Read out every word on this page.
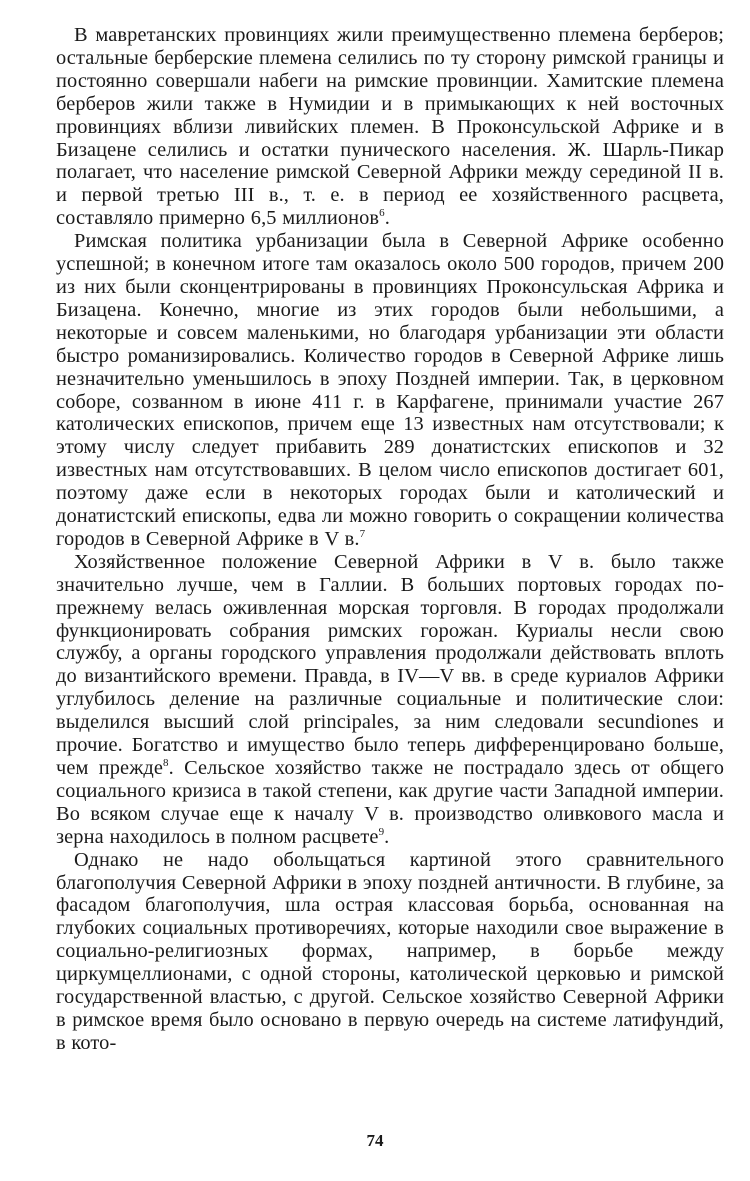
В мавретанских провинциях жили преимущественно племена берберов; остальные берберские племена селились по ту сторону римской границы и постоянно совершали набеги на римские провинции. Хамитские племена берберов жили также в Нумидии и в примыкающих к ней восточных провинциях вблизи ливийских племен. В Проконсульской Африке и в Бизацене селились и остатки пунического населения. Ж. Шарль-Пикар полагает, что население римской Северной Африки между серединой II в. и первой третью III в., т. е. в период ее хозяйственного расцвета, составляло примерно 6,5 миллионов$^6$.

Римская политика урбанизации была в Северной Африке особенно успешной; в конечном итоге там оказалось около 500 городов, причем 200 из них были сконцентрированы в провинциях Проконсульская Африка и Бизацена. Конечно, многие из этих городов были небольшими, а некоторые и совсем маленькими, но благодаря урбанизации эти области быстро романизировались. Количество городов в Северной Африке лишь незначительно уменьшилось в эпоху Поздней империи. Так, в церковном соборе, созванном в июне 411 г. в Карфагене, принимали участие 267 католических епископов, причем еще 13 известных нам отсутствовали; к этому числу следует прибавить 289 донатистских епископов и 32 известных нам отсутствовавших. В целом число епископов достигает 601, поэтому даже если в некоторых городах были и католический и донатистский епископы, едва ли можно говорить о сокращении количества городов в Северной Африке в V в.$^7$

Хозяйственное положение Северной Африки в V в. было также значительно лучше, чем в Галлии. В больших портовых городах по-прежнему велась оживленная морская торговля. В городах продолжали функционировать собрания римских горожан. Куриалы несли свою службу, а органы городского управления продолжали действовать вплоть до византийского времени. Правда, в IV—V вв. в среде куриалов Африки углубилось деление на различные социальные и политические слои: выделился высший слой principales, за ним следовали secundiones и прочие. Богатство и имущество было теперь дифференцировано больше, чем прежде$^8$. Сельское хозяйство также не пострадало здесь от общего социального кризиса в такой степени, как другие части Западной империи. Во всяком случае еще к началу V в. производство оливкового масла и зерна находилось в полном расцвете$^9$.

Однако не надо обольщаться картиной этого сравнительного благополучия Северной Африки в эпоху поздней античности. В глубине, за фасадом благополучия, шла острая классовая борьба, основанная на глубоких социальных противоречиях, которые находили свое выражение в социально-религиозных формах, например, в борьбе между циркумцеллионами, с одной стороны, католической церковью и римской государственной властью, с другой. Сельское хозяйство Северной Африки в римское время было основано в первую очередь на системе латифундий, в кото-

74
